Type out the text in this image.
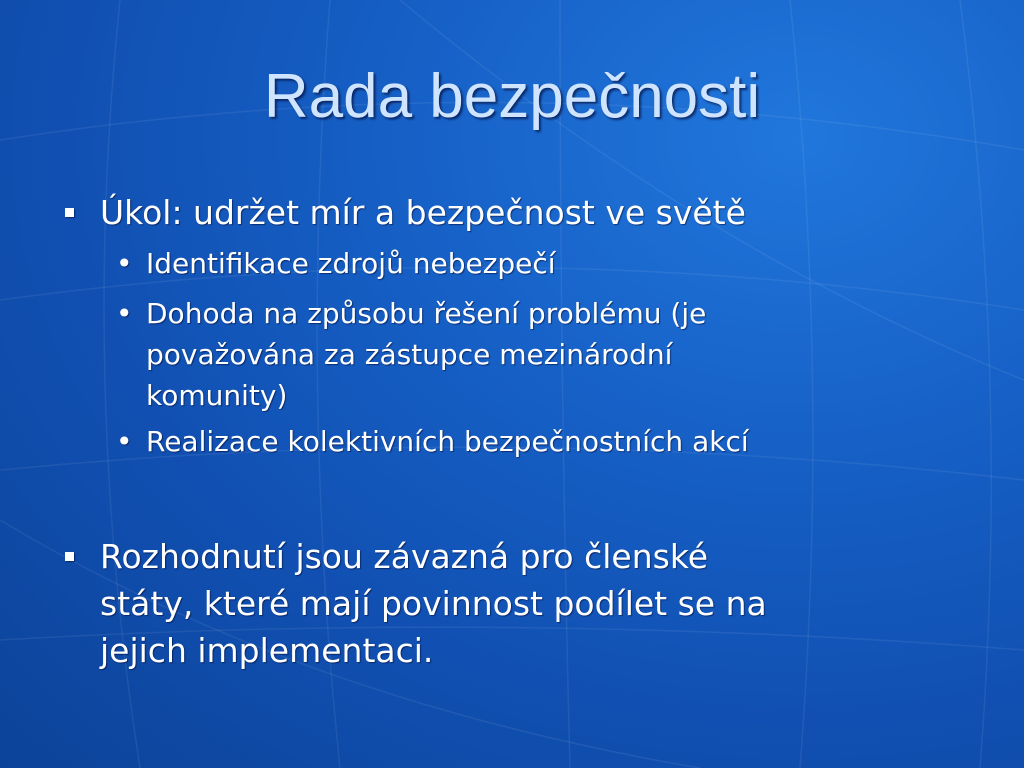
Rada bezpečnosti
Úkol: udržet mír a bezpečnost ve světě
• Identifikace zdrojů nebezpečí
• Dohoda na způsobu řešení problému (je
považována za zástupce mezinárodní
komunity)
• Realizace kolektivních bezpečnostních akcí
Rozhodnutí jsou závazná pro členské
státy, které mají povinnost podílet se na
jejich implementaci.
